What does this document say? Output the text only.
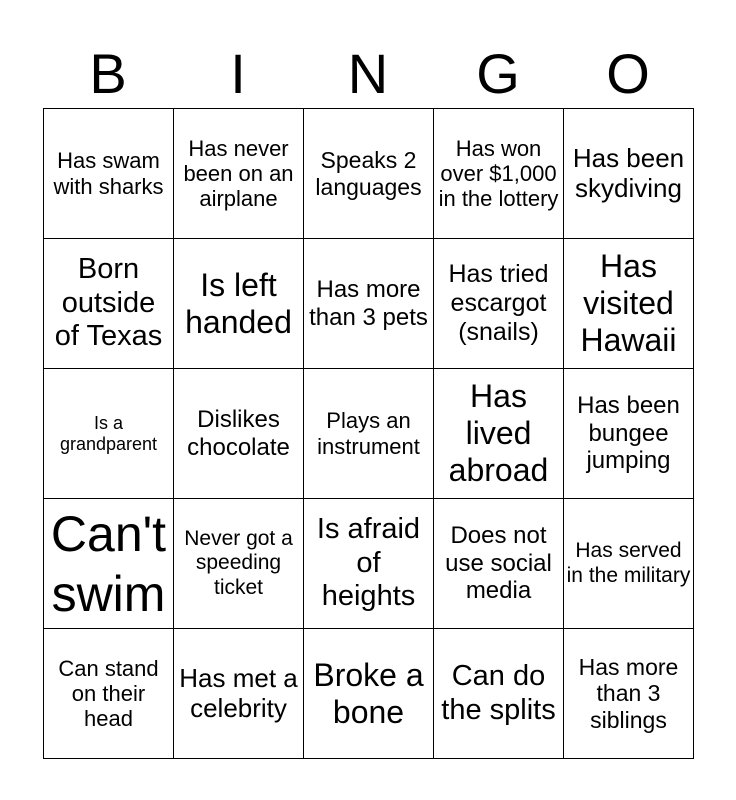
B	I	N	G	O
Has swam with sharks	Has never been on an airplane	Speaks 2 languages	Has won over $1,000 in the lottery	Has been skydiving
Born outside of Texas	Is left handed	Has more than 3 pets	Has tried escargot (snails)	Has visited Hawaii
Is a grandparent	Dislikes chocolate	Plays an instrument	Has lived abroad	Has been bungee jumping
Can't swim	Never got a speeding ticket	Is afraid of heights	Does not use social media	Has served in the military
Can stand on their head	Has met a celebrity	Broke a bone	Can do the splits	Has more than 3 siblings
